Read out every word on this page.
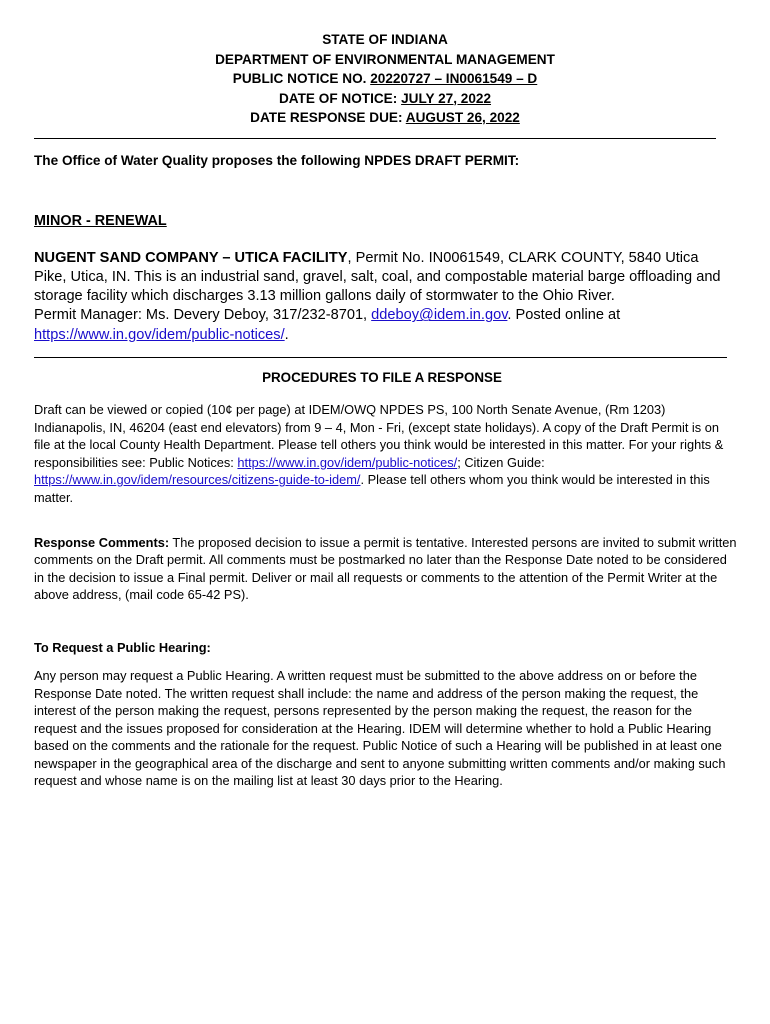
STATE OF INDIANA
DEPARTMENT OF ENVIRONMENTAL MANAGEMENT
PUBLIC NOTICE NO. 20220727 – IN0061549 – D
DATE OF NOTICE: JULY 27, 2022
DATE RESPONSE DUE: AUGUST 26, 2022
The Office of Water Quality proposes the following NPDES DRAFT PERMIT:
MINOR - RENEWAL
NUGENT SAND COMPANY – UTICA FACILITY, Permit No. IN0061549, CLARK COUNTY, 5840 Utica Pike, Utica, IN. This is an industrial sand, gravel, salt, coal, and compostable material barge offloading and storage facility which discharges 3.13 million gallons daily of stormwater to the Ohio River.
Permit Manager: Ms. Devery Deboy, 317/232-8701, ddeboy@idem.in.gov. Posted online at
https://www.in.gov/idem/public-notices/.
PROCEDURES TO FILE A RESPONSE
Draft can be viewed or copied (10¢ per page) at IDEM/OWQ NPDES PS, 100 North Senate Avenue, (Rm 1203) Indianapolis, IN, 46204 (east end elevators) from 9 – 4, Mon - Fri, (except state holidays). A copy of the Draft Permit is on file at the local County Health Department. Please tell others you think would be interested in this matter. For your rights & responsibilities see: Public Notices: https://www.in.gov/idem/public-notices/; Citizen Guide: https://www.in.gov/idem/resources/citizens-guide-to-idem/. Please tell others whom you think would be interested in this matter.
Response Comments: The proposed decision to issue a permit is tentative. Interested persons are invited to submit written comments on the Draft permit. All comments must be postmarked no later than the Response Date noted to be considered in the decision to issue a Final permit. Deliver or mail all requests or comments to the attention of the Permit Writer at the above address, (mail code 65-42 PS).
To Request a Public Hearing:
Any person may request a Public Hearing. A written request must be submitted to the above address on or before the Response Date noted. The written request shall include: the name and address of the person making the request, the interest of the person making the request, persons represented by the person making the request, the reason for the request and the issues proposed for consideration at the Hearing. IDEM will determine whether to hold a Public Hearing based on the comments and the rationale for the request. Public Notice of such a Hearing will be published in at least one newspaper in the geographical area of the discharge and sent to anyone submitting written comments and/or making such request and whose name is on the mailing list at least 30 days prior to the Hearing.
